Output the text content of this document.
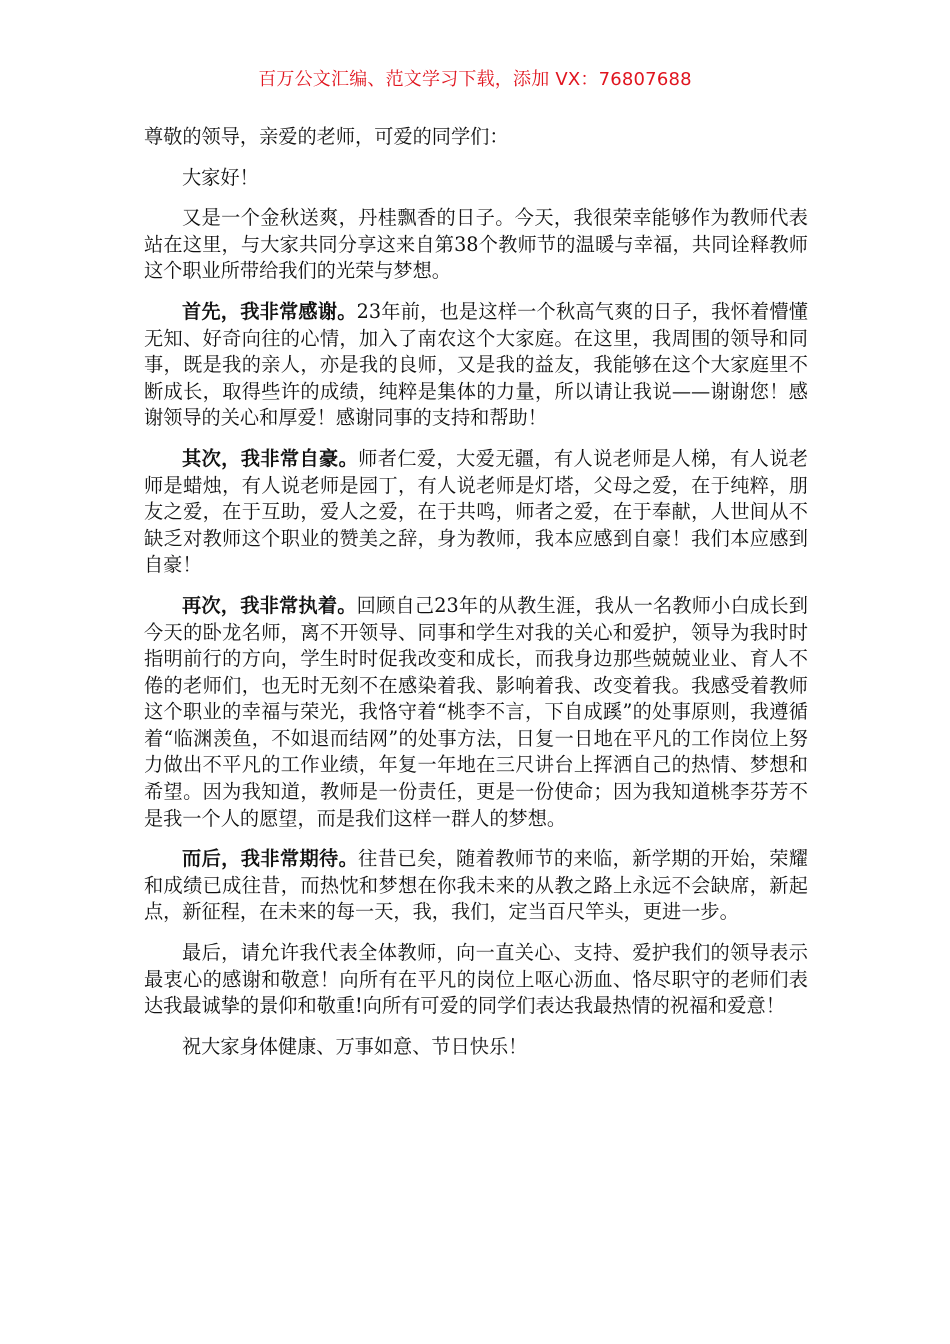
百万公文汇编、范文学习下载，添加 VX：76807688

尊敬的领导，亲爱的老师，可爱的同学们：

大家好！

又是一个金秋送爽，丹桂飘香的日子。今天，我很荣幸能够作为教师代表站在这里，与大家共同分享这来自第38个教师节的温暖与幸福，共同诠释教师这个职业所带给我们的光荣与梦想。

首先，我非常感谢。23年前，也是这样一个秋高气爽的日子，我怀着懵懂无知、好奇向往的心情，加入了南农这个大家庭。在这里，我周围的领导和同事，既是我的亲人，亦是我的良师，又是我的益友，我能够在这个大家庭里不断成长，取得些许的成绩，纯粹是集体的力量，所以请让我说——谢谢您！感谢领导的关心和厚爱！感谢同事的支持和帮助！

其次，我非常自豪。师者仁爱，大爱无疆，有人说老师是人梯，有人说老师是蜡烛，有人说老师是园丁，有人说老师是灯塔，父母之爱，在于纯粹，朋友之爱，在于互助，爱人之爱，在于共鸣，师者之爱，在于奉献，人世间从不缺乏对教师这个职业的赞美之辞，身为教师，我本应感到自豪！我们本应感到自豪！

再次，我非常执着。回顾自己23年的从教生涯，我从一名教师小白成长到今天的卧龙名师，离不开领导、同事和学生对我的关心和爱护，领导为我时时指明前行的方向，学生时时促我改变和成长，而我身边那些兢兢业业、育人不倦的老师们，也无时无刻不在感染着我、影响着我、改变着我。我感受着教师这个职业的幸福与荣光，我恪守着“桃李不言，下自成蹊”的处事原则，我遵循着“临渊羡鱼，不如退而结网”的处事方法，日复一日地在平凡的工作岗位上努力做出不平凡的工作业绩，年复一年地在三尺讲台上挥洒自己的热情、梦想和希望。因为我知道，教师是一份责任，更是一份使命；因为我知道桃李芬芳不是我一个人的愿望，而是我们这样一群人的梦想。

而后，我非常期待。往昔已矣，随着教师节的来临，新学期的开始，荣耀和成绩已成往昔，而热忱和梦想在你我未来的从教之路上永远不会缺席，新起点，新征程，在未来的每一天，我，我们，定当百尺竿头，更进一步。

最后，请允许我代表全体教师，向一直关心、支持、爱护我们的领导表示最衷心的感谢和敬意！向所有在平凡的岗位上呕心沥血、恪尽职守的老师们表达我最诚挚的景仰和敬重!向所有可爱的同学们表达我最热情的祝福和爱意！

祝大家身体健康、万事如意、节日快乐！
